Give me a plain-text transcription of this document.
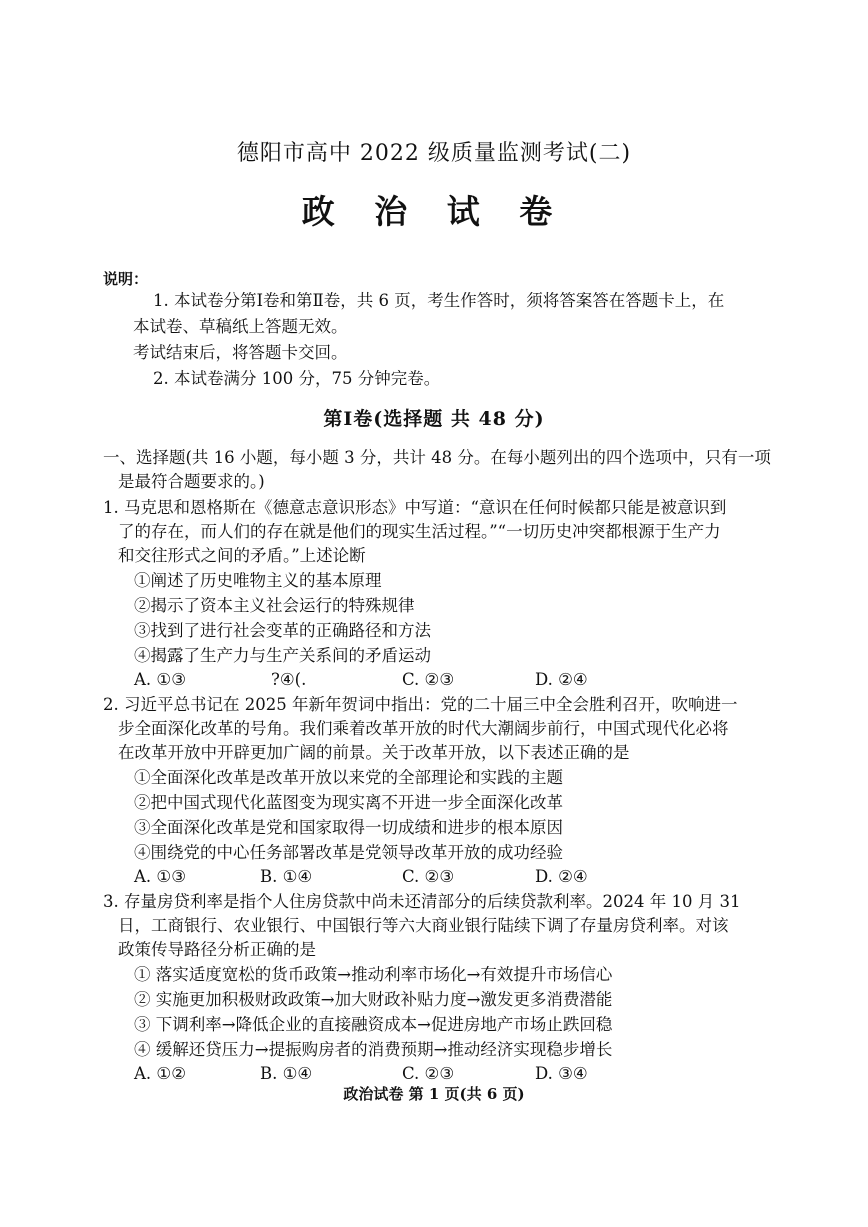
德阳市高中 2022 级质量监测考试(二)
政 治 试 卷
说明：
1. 本试卷分第Ⅰ卷和第Ⅱ卷，共 6 页，考生作答时，须将答案答在答题卡上，在
本试卷、草稿纸上答题无效。
考试结束后，将答题卡交回。
2. 本试卷满分 100 分，75 分钟完卷。
第Ⅰ卷(选择题 共 48 分)
一、选择题(共 16 小题，每小题 3 分，共计 48 分。在每小题列出的四个选项中，只有一项
是最符合题要求的。)
1. 马克思和恩格斯在《德意志意识形态》中写道：“意识在任何时候都只能是被意识到
了的存在，而人们的存在就是他们的现实生活过程。”“一切历史冲突都根源于生产力
和交往形式之间的矛盾。”上述论断
①阐述了历史唯物主义的基本原理
②揭示了资本主义社会运行的特殊规律
③找到了进行社会变革的正确路径和方法
④揭露了生产力与生产关系间的矛盾运动
A. ①③	?④(.	C. ②③	D. ②④
2. 习近平总书记在 2025 年新年贺词中指出：党的二十届三中全会胜利召开，吹响进一
步全面深化改革的号角。我们乘着改革开放的时代大潮阔步前行，中国式现代化必将
在改革开放中开辟更加广阔的前景。关于改革开放，以下表述正确的是
①全面深化改革是改革开放以来党的全部理论和实践的主题
②把中国式现代化蓝图变为现实离不开进一步全面深化改革
③全面深化改革是党和国家取得一切成绩和进步的根本原因
④围绕党的中心任务部署改革是党领导改革开放的成功经验
A. ①③	B. ①④	C. ②③	D. ②④
3. 存量房贷利率是指个人住房贷款中尚未还清部分的后续贷款利率。2024 年 10 月 31
日，工商银行、农业银行、中国银行等六大商业银行陆续下调了存量房贷利率。对该
政策传导路径分析正确的是
① 落实适度宽松的货币政策→推动利率市场化→有效提升市场信心
② 实施更加积极财政政策→加大财政补贴力度→激发更多消费潜能
③ 下调利率→降低企业的直接融资成本→促进房地产市场止跌回稳
④ 缓解还贷压力→提振购房者的消费预期→推动经济实现稳步增长
A. ①②	B. ①④	C. ②③	D. ③④
政治试卷 第 1 页(共 6 页)
